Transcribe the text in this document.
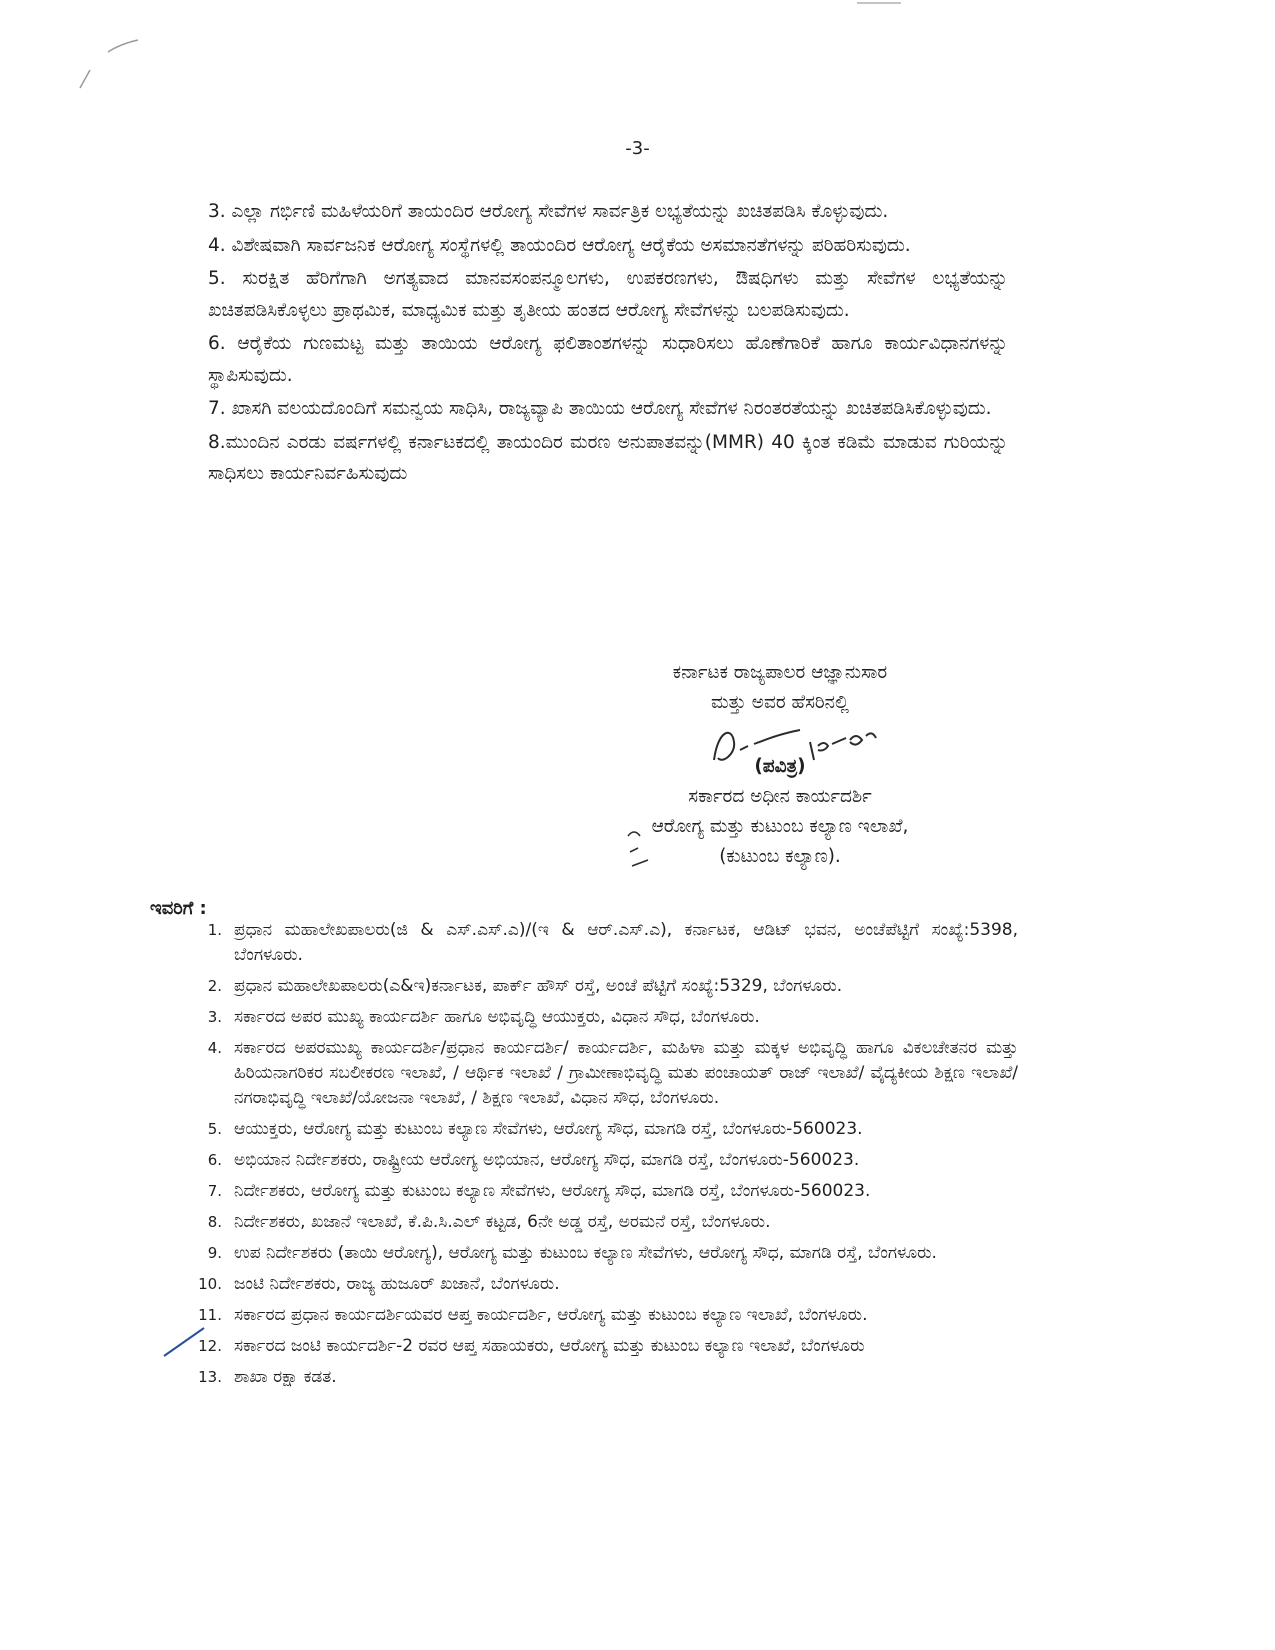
-3-
3. ಎಲ್ಲಾ ಗರ್ಭಿಣಿ ಮಹಿಳೆಯರಿಗೆ ತಾಯಂದಿರ ಆರೋಗ್ಯ ಸೇವೆಗಳ ಸಾರ್ವತ್ರಿಕ ಲಭ್ಯತೆಯನ್ನು ಖಚಿತಪಡಿಸಿ ಕೊಳ್ಳುವುದು.
4. ವಿಶೇಷವಾಗಿ ಸಾರ್ವಜನಿಕ ಆರೋಗ್ಯ ಸಂಸ್ಥೆಗಳಲ್ಲಿ ತಾಯಂದಿರ ಆರೋಗ್ಯ ಆರೈಕೆಯ ಅಸಮಾನತೆಗಳನ್ನು ಪರಿಹರಿಸುವುದು.
5. ಸುರಕ್ಷಿತ ಹೆರಿಗೆಗಾಗಿ ಅಗತ್ಯವಾದ ಮಾನವಸಂಪನ್ಮೂಲಗಳು, ಉಪಕರಣಗಳು, ಔಷಧಿಗಳು ಮತ್ತು ಸೇವೆಗಳ ಲಭ್ಯತೆಯನ್ನು ಖಚಿತಪಡಿಸಿಕೊಳ್ಳಲು ಪ್ರಾಥಮಿಕ, ಮಾಧ್ಯಮಿಕ ಮತ್ತು ತೃತೀಯ ಹಂತದ ಆರೋಗ್ಯ ಸೇವೆಗಳನ್ನು ಬಲಪಡಿಸುವುದು.
6. ಆರೈಕೆಯ ಗುಣಮಟ್ಟ ಮತ್ತು ತಾಯಿಯ ಆರೋಗ್ಯ ಫಲಿತಾಂಶಗಳನ್ನು ಸುಧಾರಿಸಲು ಹೊಣೆಗಾರಿಕೆ ಹಾಗೂ ಕಾರ್ಯವಿಧಾನಗಳನ್ನು ಸ್ಥಾಪಿಸುವುದು.
7. ಖಾಸಗಿ ವಲಯದೊಂದಿಗೆ ಸಮನ್ವಯ ಸಾಧಿಸಿ, ರಾಜ್ಯವ್ಯಾಪಿ ತಾಯಿಯ ಆರೋಗ್ಯ ಸೇವೆಗಳ ನಿರಂತರತೆಯನ್ನು ಖಚಿತಪಡಿಸಿಕೊಳ್ಳುವುದು.
8.ಮುಂದಿನ ಎರಡು ವರ್ಷಗಳಲ್ಲಿ ಕರ್ನಾಟಕದಲ್ಲಿ ತಾಯಂದಿರ ಮರಣ ಅನುಪಾತವನ್ನು(MMR) 40 ಕ್ಕಿಂತ ಕಡಿಮೆ ಮಾಡುವ ಗುರಿಯನ್ನು ಸಾಧಿಸಲು ಕಾರ್ಯನಿರ್ವಹಿಸುವುದು
ಕರ್ನಾಟಕ ರಾಜ್ಯಪಾಲರ ಆಜ್ಞಾನುಸಾರ
ಮತ್ತು ಅವರ ಹೆಸರಿನಲ್ಲಿ
(ಪವಿತ್ರ)
ಸರ್ಕಾರದ ಅಧೀನ ಕಾರ್ಯದರ್ಶಿ
ಆರೋಗ್ಯ ಮತ್ತು ಕುಟುಂಬ ಕಲ್ಯಾಣ ಇಲಾಖೆ,
(ಕುಟುಂಬ ಕಲ್ಯಾಣ).
ಇವರಿಗೆ :
1. ಪ್ರಧಾನ ಮಹಾಲೇಖಪಾಲರು(ಜಿ & ಎಸ್.ಎಸ್.ಎ)/(ಇ & ಆರ್.ಎಸ್.ಎ), ಕರ್ನಾಟಕ, ಆಡಿಟ್ ಭವನ, ಅಂಚೆಪೆಟ್ಟಿಗೆ ಸಂಖ್ಯೆ:5398, ಬೆಂಗಳೂರು.
2. ಪ್ರಧಾನ ಮಹಾಲೇಖಪಾಲರು(ಎ&ಇ)ಕರ್ನಾಟಕ, ಪಾರ್ಕ್ ಹೌಸ್ ರಸ್ತೆ, ಅಂಚೆ ಪೆಟ್ಟಿಗೆ ಸಂಖ್ಯೆ:5329, ಬೆಂಗಳೂರು.
3. ಸರ್ಕಾರದ ಅಪರ ಮುಖ್ಯ ಕಾರ್ಯದರ್ಶಿ ಹಾಗೂ ಅಭಿವೃದ್ಧಿ ಆಯುಕ್ತರು, ವಿಧಾನ ಸೌಧ, ಬೆಂಗಳೂರು.
4. ಸರ್ಕಾರದ ಅಪರಮುಖ್ಯ ಕಾರ್ಯದರ್ಶಿ/ಪ್ರಧಾನ ಕಾರ್ಯದರ್ಶಿ/ ಕಾರ್ಯದರ್ಶಿ, ಮಹಿಳಾ ಮತ್ತು ಮಕ್ಕಳ ಅಭಿವೃದ್ಧಿ ಹಾಗೂ ವಿಕಲಚೇತನರ ಮತ್ತು ಹಿರಿಯನಾಗರಿಕರ ಸಬಲೀಕರಣ ಇಲಾಖೆ, / ಆರ್ಥಿಕ ಇಲಾಖೆ / ಗ್ರಾಮೀಣಾಭಿವೃದ್ಧಿ ಮತು ಪಂಚಾಯತ್ ರಾಜ್ ಇಲಾಖೆ/ ವೈದ್ಯಕೀಯ ಶಿಕ್ಷಣ ಇಲಾಖೆ/ನಗರಾಭಿವೃದ್ಧಿ ಇಲಾಖೆ/ಯೋಜನಾ ಇಲಾಖೆ, / ಶಿಕ್ಷಣ ಇಲಾಖೆ, ವಿಧಾನ ಸೌಧ, ಬೆಂಗಳೂರು.
5. ಆಯುಕ್ತರು, ಆರೋಗ್ಯ ಮತ್ತು ಕುಟುಂಬ ಕಲ್ಯಾಣ ಸೇವೆಗಳು, ಆರೋಗ್ಯ ಸೌಧ, ಮಾಗಡಿ ರಸ್ತೆ, ಬೆಂಗಳೂರು-560023.
6. ಅಭಿಯಾನ ನಿರ್ದೇಶಕರು, ರಾಷ್ಟ್ರೀಯ ಆರೋಗ್ಯ ಅಭಿಯಾನ, ಆರೋಗ್ಯ ಸೌಧ, ಮಾಗಡಿ ರಸ್ತೆ, ಬೆಂಗಳೂರು-560023.
7. ನಿರ್ದೇಶಕರು, ಆರೋಗ್ಯ ಮತ್ತು ಕುಟುಂಬ ಕಲ್ಯಾಣ ಸೇವೆಗಳು, ಆರೋಗ್ಯ ಸೌಧ, ಮಾಗಡಿ ರಸ್ತೆ, ಬೆಂಗಳೂರು-560023.
8. ನಿರ್ದೇಶಕರು, ಖಜಾನೆ ಇಲಾಖೆ, ಕೆ.ಪಿ.ಸಿ.ಎಲ್ ಕಟ್ಟಡ, 6ನೇ ಅಡ್ಡ ರಸ್ತೆ, ಅರಮನೆ ರಸ್ತೆ, ಬೆಂಗಳೂರು.
9. ಉಪ ನಿರ್ದೇಶಕರು (ತಾಯಿ ಆರೋಗ್ಯ), ಆರೋಗ್ಯ ಮತ್ತು ಕುಟುಂಬ ಕಲ್ಯಾಣ ಸೇವೆಗಳು, ಆರೋಗ್ಯ ಸೌಧ, ಮಾಗಡಿ ರಸ್ತೆ, ಬೆಂಗಳೂರು.
10. ಜಂಟಿ ನಿರ್ದೇಶಕರು, ರಾಜ್ಯ ಹುಜೂರ್ ಖಜಾನೆ, ಬೆಂಗಳೂರು.
11. ಸರ್ಕಾರದ ಪ್ರಧಾನ ಕಾರ್ಯದರ್ಶಿಯವರ ಆಪ್ತ ಕಾರ್ಯದರ್ಶಿ, ಆರೋಗ್ಯ ಮತ್ತು ಕುಟುಂಬ ಕಲ್ಯಾಣ ಇಲಾಖೆ, ಬೆಂಗಳೂರು.
12. ಸರ್ಕಾರದ ಜಂಟಿ ಕಾರ್ಯದರ್ಶಿ-2 ರವರ ಆಪ್ತ ಸಹಾಯಕರು, ಆರೋಗ್ಯ ಮತ್ತು ಕುಟುಂಬ ಕಲ್ಯಾಣ ಇಲಾಖೆ, ಬೆಂಗಳೂರು
13. ಶಾಖಾ ರಕ್ಷಾ ಕಡತ.
